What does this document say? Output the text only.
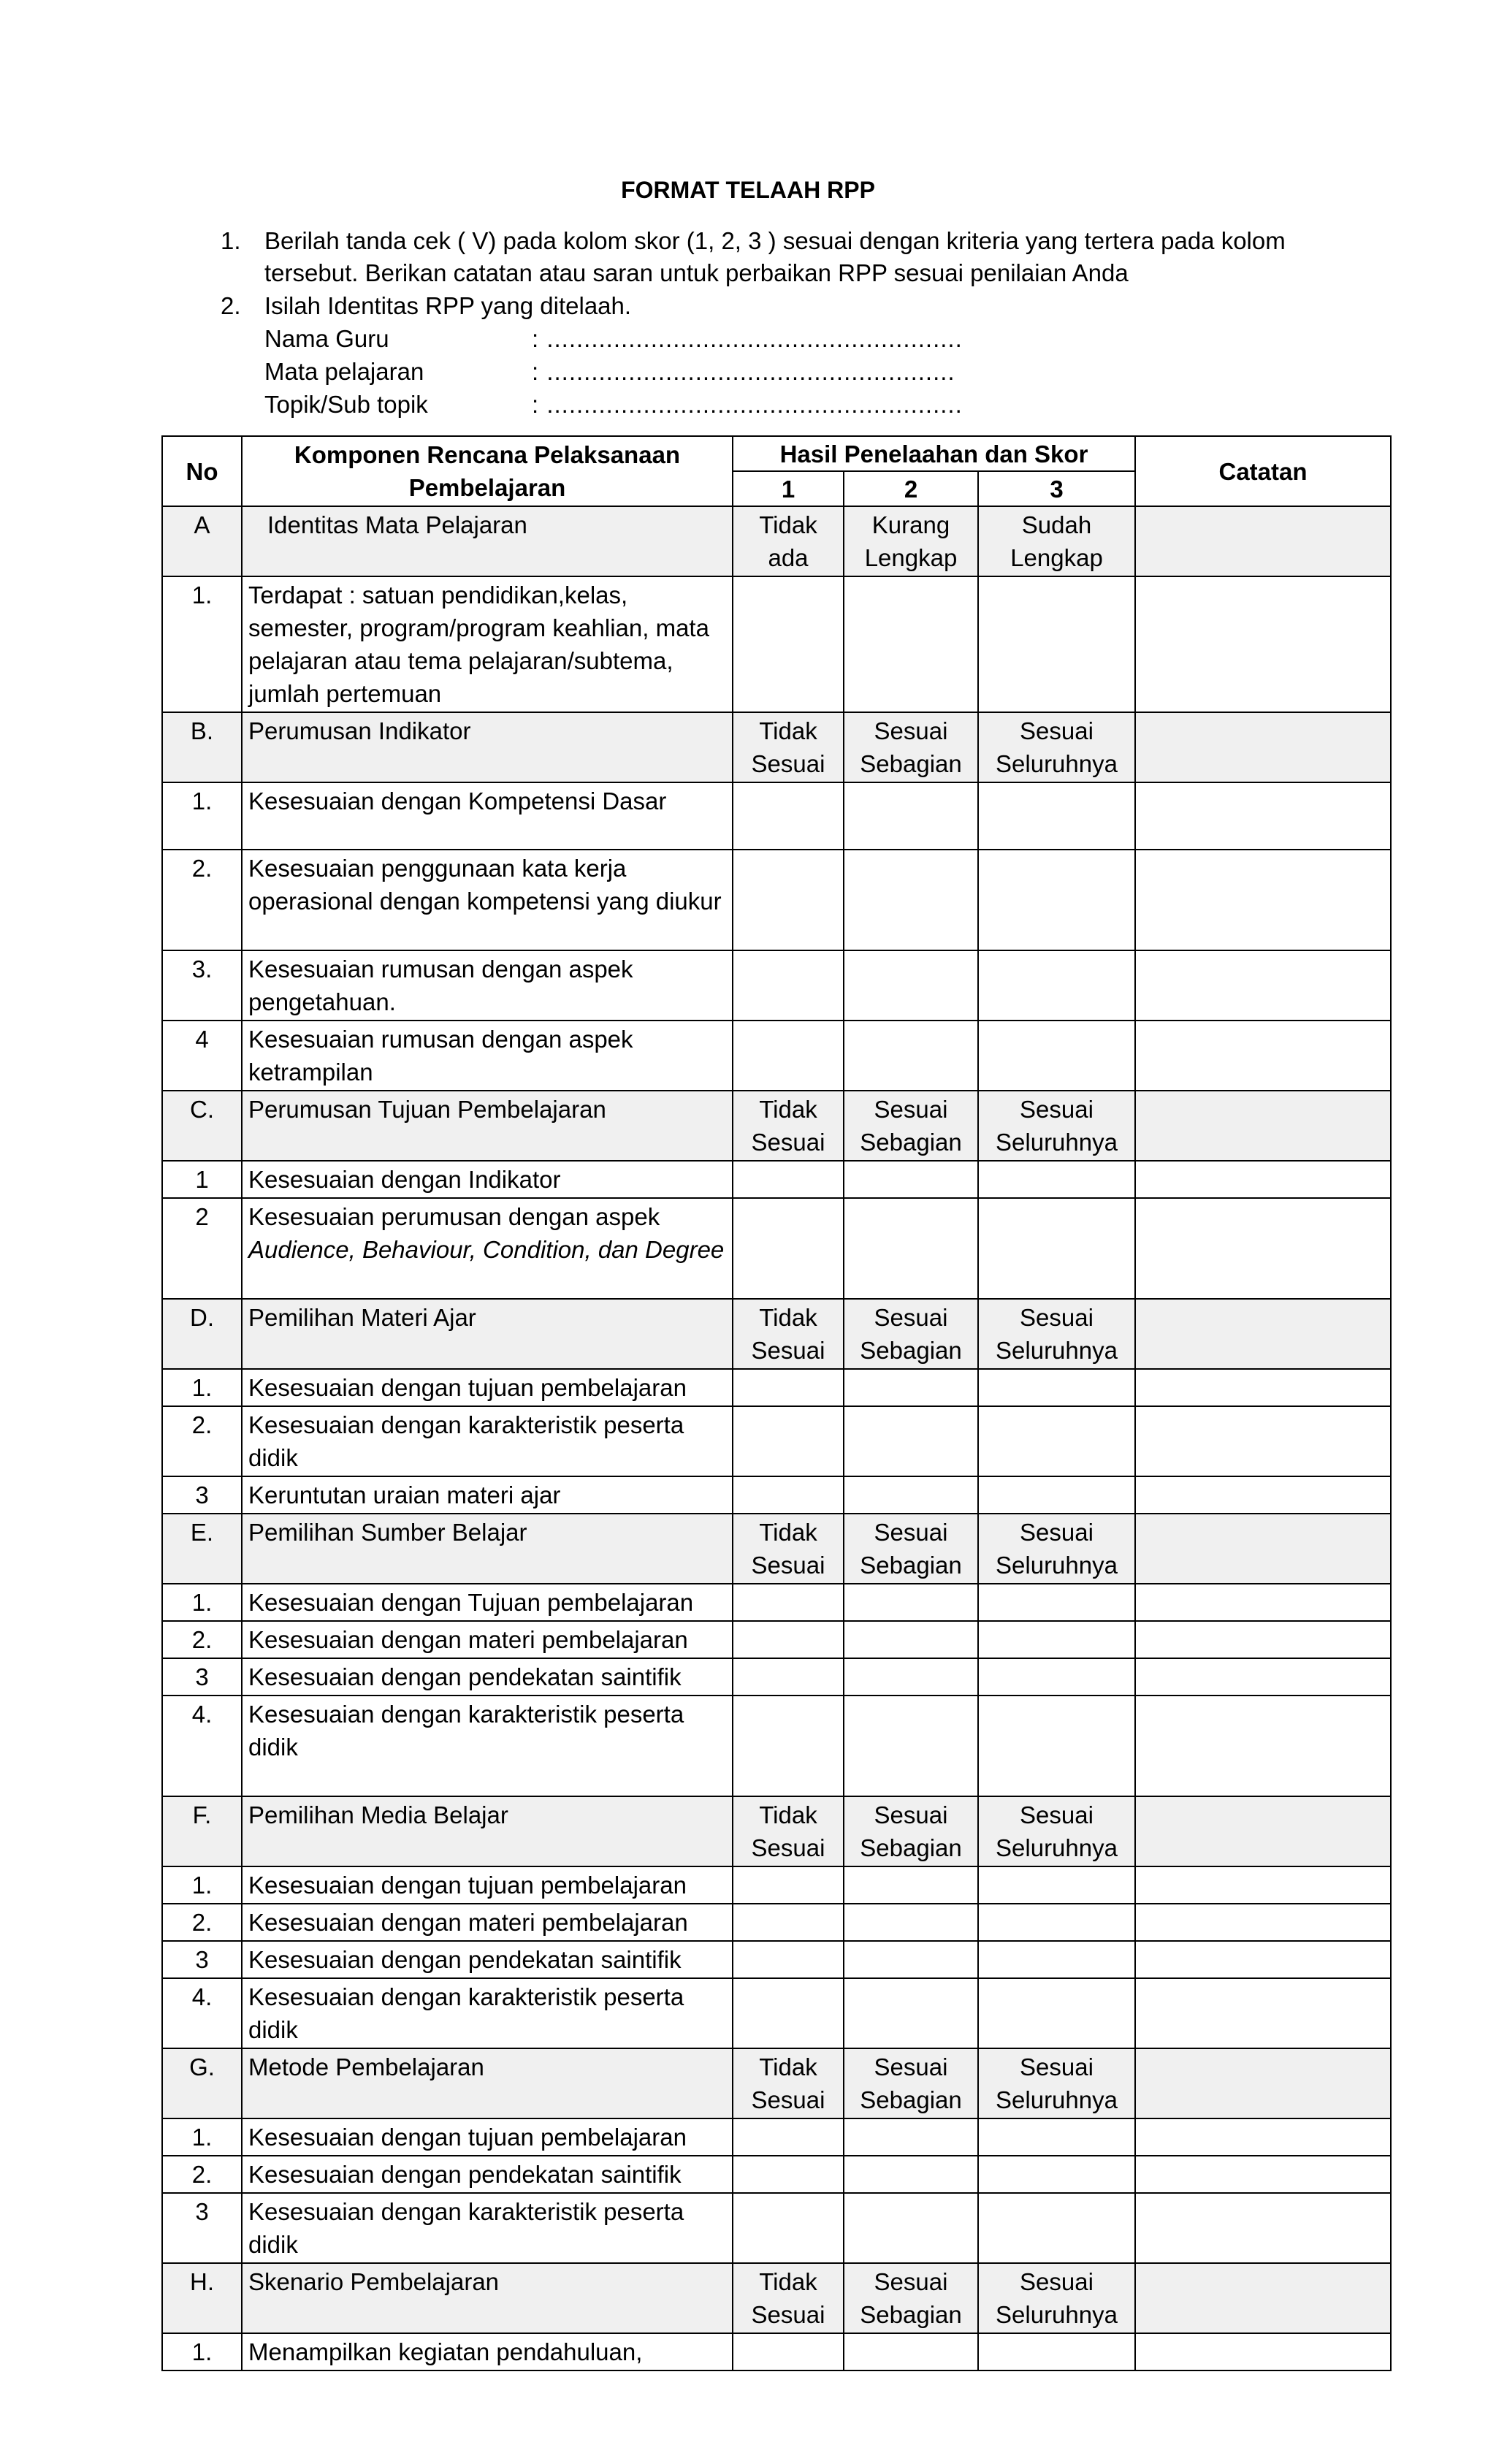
FORMAT TELAAH RPP
1. Berilah tanda cek ( V) pada kolom skor (1, 2, 3 ) sesuai dengan kriteria yang tertera pada kolom
tersebut. Berikan catatan atau saran untuk perbaikan RPP sesuai penilaian Anda
2. Isilah Identitas RPP yang ditelaah.
Nama Guru	: ........................................................
Mata pelajaran	: .......................................................
Topik/Sub topik	: ........................................................
No	Komponen Rencana Pelaksanaan Pembelajaran	Hasil Penelaahan dan Skor			Catatan
		1	2	3	
A	Identitas Mata Pelajaran	Tidak ada	Kurang Lengkap	Sudah Lengkap	
1.	Terdapat : satuan pendidikan,kelas, semester, program/program keahlian, mata pelajaran atau tema pelajaran/subtema, jumlah pertemuan				
B.	Perumusan Indikator	Tidak Sesuai	Sesuai Sebagian	Sesuai Seluruhnya	
1.	Kesesuaian dengan Kompetensi Dasar				
2.	Kesesuaian penggunaan kata kerja operasional dengan kompetensi yang diukur				
3.	Kesesuaian rumusan dengan aspek pengetahuan.				
4	Kesesuaian rumusan dengan aspek ketrampilan				
C.	Perumusan Tujuan Pembelajaran	Tidak Sesuai	Sesuai Sebagian	Sesuai Seluruhnya	
1	Kesesuaian dengan Indikator				
2	Kesesuaian perumusan dengan aspek Audience, Behaviour, Condition, dan Degree				
D.	Pemilihan Materi Ajar	Tidak Sesuai	Sesuai Sebagian	Sesuai Seluruhnya	
1.	Kesesuaian dengan tujuan pembelajaran				
2.	Kesesuaian dengan karakteristik peserta didik				
3	Keruntutan uraian materi ajar				
E.	Pemilihan Sumber Belajar	Tidak Sesuai	Sesuai Sebagian	Sesuai Seluruhnya	
1.	Kesesuaian dengan Tujuan pembelajaran				
2.	Kesesuaian dengan materi pembelajaran				
3	Kesesuaian dengan pendekatan saintifik				
4.	Kesesuaian dengan karakteristik peserta didik				
F.	Pemilihan Media Belajar	Tidak Sesuai	Sesuai Sebagian	Sesuai Seluruhnya	
1.	Kesesuaian dengan tujuan pembelajaran				
2.	Kesesuaian dengan materi pembelajaran				
3	Kesesuaian dengan pendekatan saintifik				
4.	Kesesuaian dengan karakteristik peserta didik				
G.	Metode Pembelajaran	Tidak Sesuai	Sesuai Sebagian	Sesuai Seluruhnya	
1.	Kesesuaian dengan tujuan pembelajaran				
2.	Kesesuaian dengan pendekatan saintifik				
3	Kesesuaian dengan karakteristik peserta didik				
H.	Skenario Pembelajaran	Tidak Sesuai	Sesuai Sebagian	Sesuai Seluruhnya	
1.	Menampilkan kegiatan pendahuluan,				
